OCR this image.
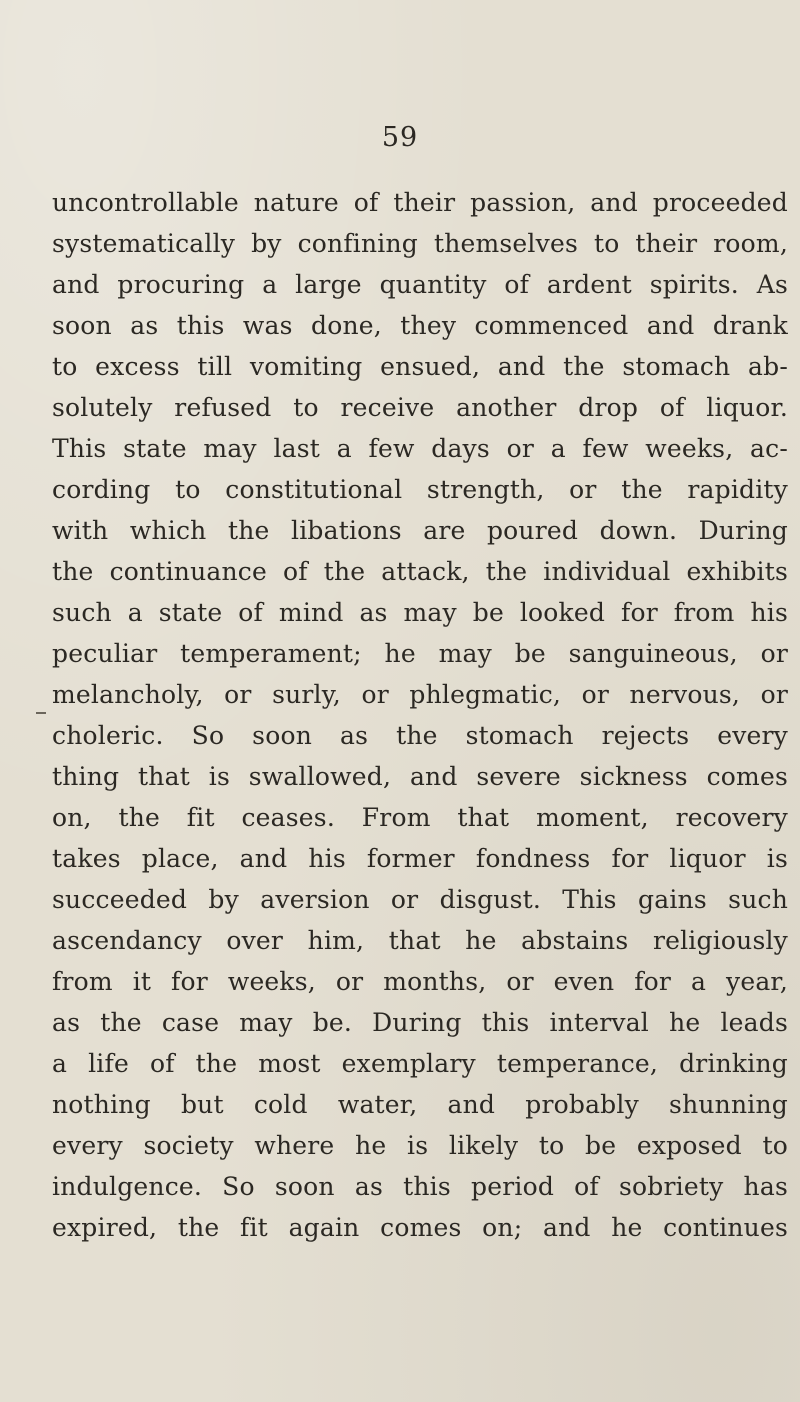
59
uncontrollable nature of their passion, and proceeded
systematically by confining themselves to their room,
and procuring a large quantity of ardent spirits. As
soon as this was done, they commenced and drank
to excess till vomiting ensued, and the stomach ab-
solutely refused to receive another drop of liquor.
This state may last a few days or a few weeks, ac-
cording to constitutional strength, or the rapidity
with which the libations are poured down. During
the continuance of the attack, the individual exhibits
such a state of mind as may be looked for from his
peculiar temperament; he may be sanguineous, or
melancholy, or surly, or phlegmatic, or nervous, or
choleric. So soon as the stomach rejects every
thing that is swallowed, and severe sickness comes
on, the fit ceases. From that moment, recovery
takes place, and his former fondness for liquor is
succeeded by aversion or disgust. This gains such
ascendancy over him, that he abstains religiously
from it for weeks, or months, or even for a year,
as the case may be. During this interval he leads
a life of the most exemplary temperance, drinking
nothing but cold water, and probably shunning
every society where he is likely to be exposed to
indulgence. So soon as this period of sobriety has
expired, the fit again comes on; and he continues
